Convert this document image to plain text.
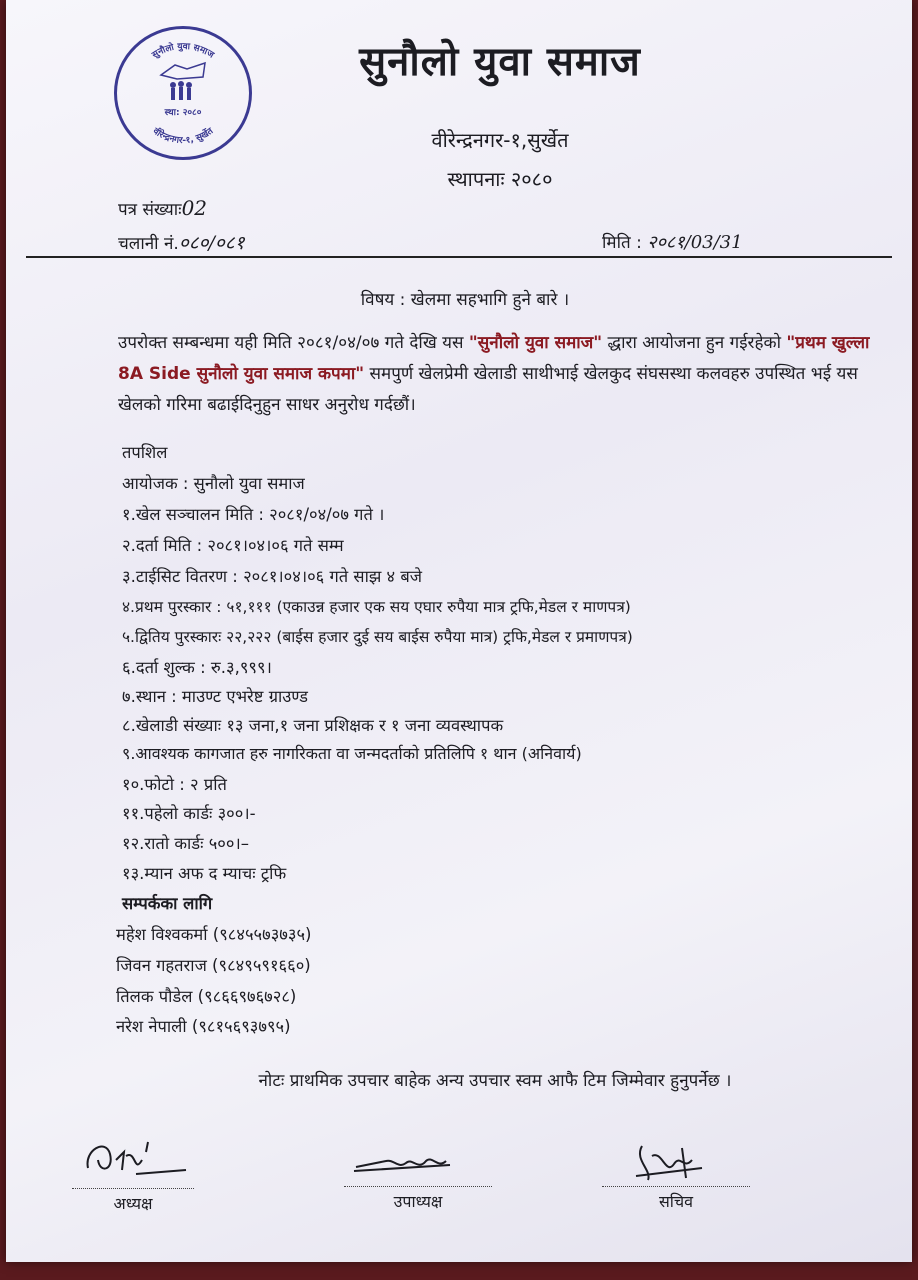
सुनौलो युवा समाज
वीरेन्द्रनगर-१, सुर्खेत
स्था: २०८०
सुनौलो युवा समाज
वीरेन्द्रनगर-१,सुर्खेत
स्थापनाः २०८०
पत्र संख्याः02
चलानी नं.०८०/०८१	मिति : २०८१/03/31
विषय : खेलमा सहभागि हुने बारे ।
उपरोक्त सम्बन्धमा यही मिति २०८१/०४/०७ गते देखि यस "सुनौलो युवा समाज" द्धारा आयोजना हुन गईरहेको "प्रथम खुल्ला 8A Side सुनौलो युवा समाज कपमा" समपुर्ण खेलप्रेमी खेलाडी साथीभाई खेलकुद संघसस्था कलवहरु उपस्थित भई यस खेलको गरिमा बढाईदिनुहुन साधर अनुरोध गर्दछौं।
तपशिल
आयोजक : सुनौलो युवा समाज
१.खेल सञ्चालन मिति : २०८१/०४/०७ गते ।
२.दर्ता मिति : २०८१।०४।०६ गते सम्म
३.टाईसिट वितरण : २०८१।०४।०६ गते साझ ४ बजे
४.प्रथम पुरस्कार : ५१,१११ (एकाउन्न हजार एक सय एघार रुपैया मात्र ट्रफि,मेडल र माणपत्र)
५.द्वितिय पुरस्कारः २२,२२२ (बाईस हजार दुई सय बाईस रुपैया मात्र) ट्रफि,मेडल र प्रमाणपत्र)
६.दर्ता शुल्क : रु.३,९९९।
७.स्थान : माउण्ट एभरेष्ट ग्राउण्ड
८.खेलाडी संख्याः १३ जना,१ जना प्रशिक्षक र १ जना व्यवस्थापक
९.आवश्यक कागजात हरु नागरिकता वा जन्मदर्ताको प्रतिलिपि १ थान (अनिवार्य)
१०.फोटो : २ प्रति
११.पहेलो कार्डः ३००।-
१२.रातो कार्डः ५००।–
१३.म्यान अफ द म्याचः ट्रफि
सम्पर्कका लागि
महेश विश्वकर्मा (९८४५५७३७३५)
जिवन गहतराज (९८४९५९१६६०)
तिलक पौडेल (९८६६९७६७२८)
नरेश नेपाली (९८१५६९३७९५)
नोटः प्राथमिक उपचार बाहेक अन्य उपचार स्वम आफै टिम जिम्मेवार हुनुपर्नेछ ।
अध्यक्ष	उपाध्यक्ष	सचिव
